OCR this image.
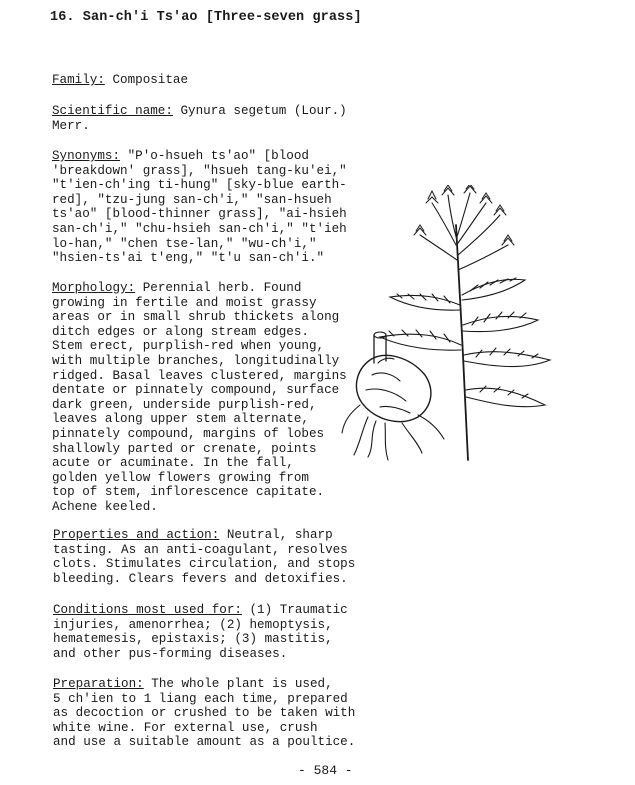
16. San-ch'i Ts'ao [Three-seven grass]
Family: Compositae
Scientific name: Gynura segetum (Lour.)
Merr.
Synonyms: "P'o-hsueh ts'ao" [blood
'breakdown' grass], "hsueh tang-ku'ei,"
"t'ien-ch'ing ti-hung" [sky-blue earth-
red], "tzu-jung san-ch'i," "san-hsueh
ts'ao" [blood-thinner grass], "ai-hsieh
san-ch'i," "chu-hsieh san-ch'i," "t'ieh
lo-han," "chen tse-lan," "wu-ch'i,"
"hsien-ts'ai t'eng," "t'u san-ch'i."
Morphology: Perennial herb. Found
growing in fertile and moist grassy
areas or in small shrub thickets along
ditch edges or along stream edges.
Stem erect, purplish-red when young,
with multiple branches, longitudinally
ridged. Basal leaves clustered, margins
dentate or pinnately compound, surface
dark green, underside purplish-red,
leaves along upper stem alternate,
pinnately compound, margins of lobes
shallowly parted or crenate, points
acute or acuminate. In the fall,
golden yellow flowers growing from
top of stem, inflorescence capitate.
Achene keeled.
Properties and action: Neutral, sharp
tasting. As an anti-coagulant, resolves
clots. Stimulates circulation, and stops
bleeding. Clears fevers and detoxifies.
Conditions most used for: (1) Traumatic
injuries, amenorrhea; (2) hemoptysis,
hematemesis, epistaxis; (3) mastitis,
and other pus-forming diseases.
Preparation: The whole plant is used,
5 ch'ien to 1 liang each time, prepared
as decoction or crushed to be taken with
white wine. For external use, crush
and use a suitable amount as a poultice.
- 584 -
